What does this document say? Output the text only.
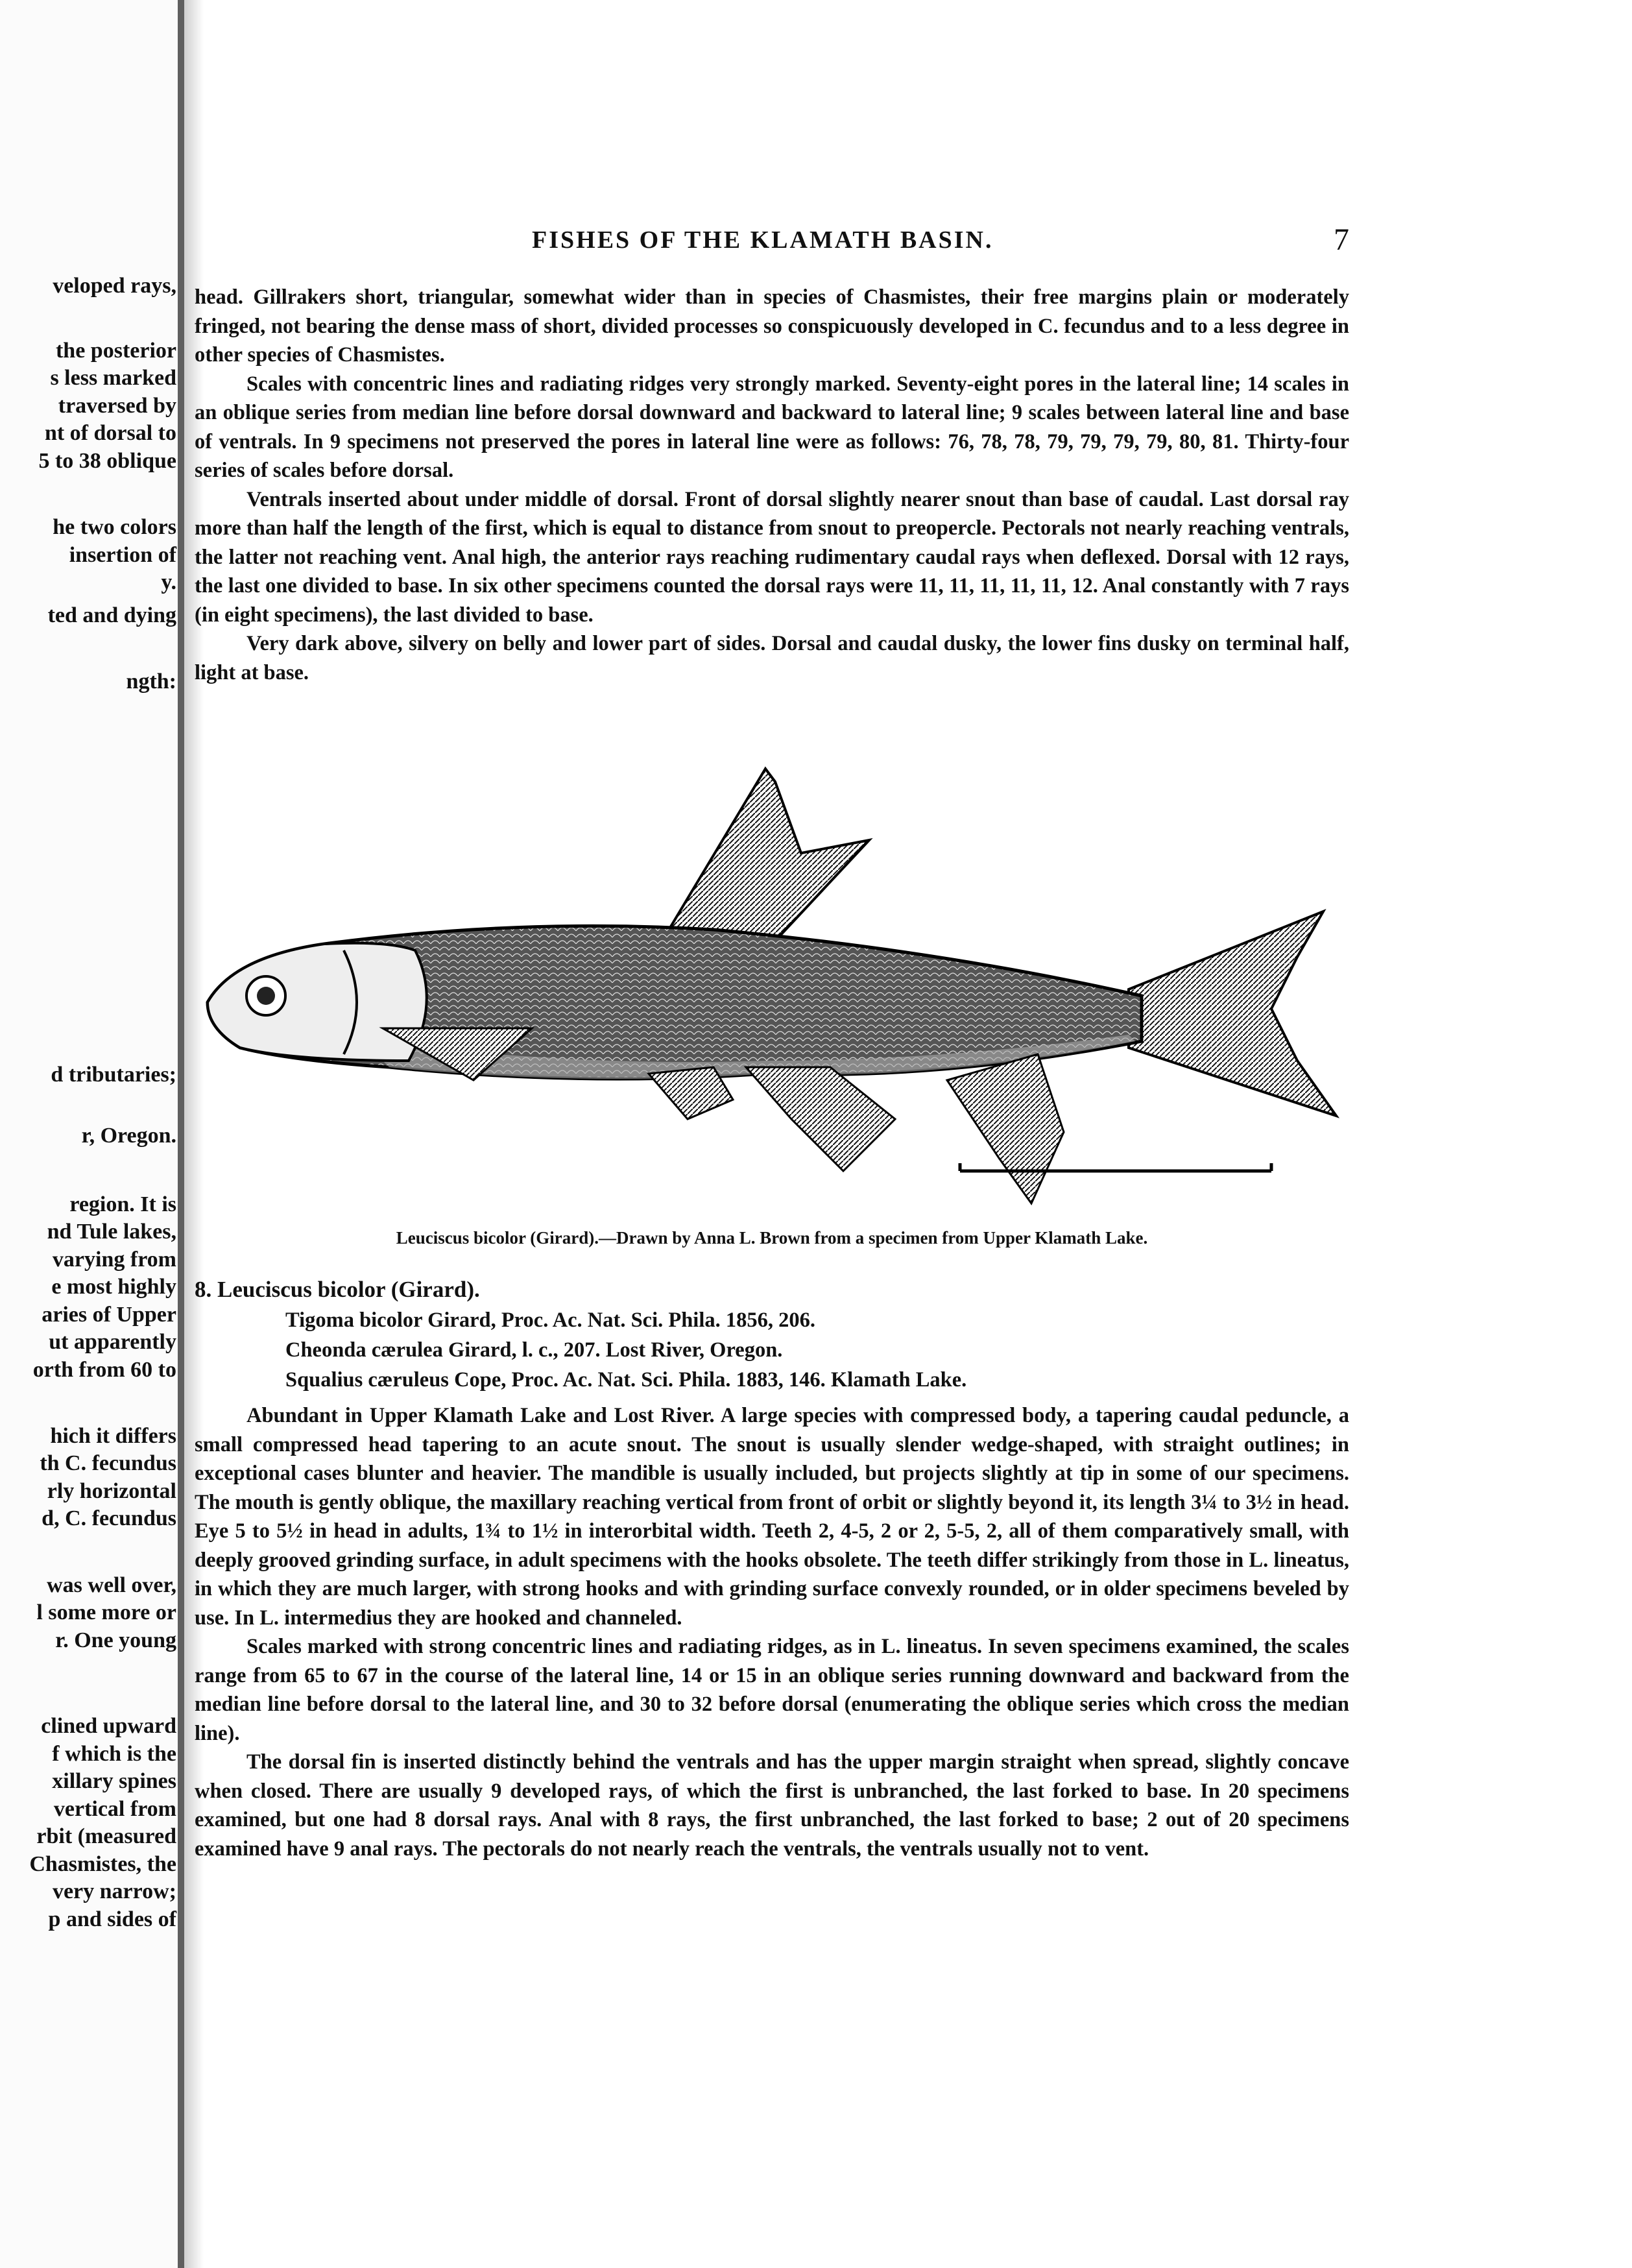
veloped rays,
the posterior
s less marked
traversed by
nt of dorsal to
5 to 38 oblique
he two colors
insertion of
y.
ted and dying
ngth:
d tributaries;
r, Oregon.
region. It is
nd Tule lakes,
varying from
e most highly
aries of Upper
ut apparently
orth from 60 to
hich it differs
th C. fecundus
rly horizontal
d, C. fecundus
was well over,
l some more or
r. One young
clined upward
f which is the
xillary spines
vertical from
rbit (measured
Chasmistes, the
very narrow;
p and sides of
FISHES OF THE KLAMATH BASIN.	7

head. Gillrakers short, triangular, somewhat wider than in species of Chasmistes, their free margins plain or moderately fringed, not bearing the dense mass of short, divided processes so conspicuously developed in C. fecundus and to a less degree in other species of Chasmistes.

Scales with concentric lines and radiating ridges very strongly marked. Seventy-eight pores in the lateral line; 14 scales in an oblique series from median line before dorsal downward and backward to lateral line; 9 scales between lateral line and base of ventrals. In 9 specimens not preserved the pores in lateral line were as follows: 76, 78, 78, 79, 79, 79, 79, 80, 81. Thirty-four series of scales before dorsal.

Ventrals inserted about under middle of dorsal. Front of dorsal slightly nearer snout than base of caudal. Last dorsal ray more than half the length of the first, which is equal to distance from snout to preopercle. Pectorals not nearly reaching ventrals, the latter not reaching vent. Anal high, the anterior rays reaching rudimentary caudal rays when deflexed. Dorsal with 12 rays, the last one divided to base. In six other specimens counted the dorsal rays were 11, 11, 11, 11, 11, 12. Anal constantly with 7 rays (in eight specimens), the last divided to base.

Very dark above, silvery on belly and lower part of sides. Dorsal and caudal dusky, the lower fins dusky on terminal half, light at base.

Leuciscus bicolor (Girard).—Drawn by Anna L. Brown from a specimen from Upper Klamath Lake.
8. Leuciscus bicolor (Girard).
Tigoma bicolor Girard, Proc. Ac. Nat. Sci. Phila. 1856, 206.
Cheonda cærulea Girard, l. c., 207. Lost River, Oregon.
Squalius cæruleus Cope, Proc. Ac. Nat. Sci. Phila. 1883, 146. Klamath Lake.

Abundant in Upper Klamath Lake and Lost River. A large species with compressed body, a tapering caudal peduncle, a small compressed head tapering to an acute snout. The snout is usually slender wedge-shaped, with straight outlines; in exceptional cases blunter and heavier. The mandible is usually included, but projects slightly at tip in some of our specimens. The mouth is gently oblique, the maxillary reaching vertical from front of orbit or slightly beyond it, its length 3¼ to 3½ in head. Eye 5 to 5½ in head in adults, 1¾ to 1½ in interorbital width. Teeth 2, 4-5, 2 or 2, 5-5, 2, all of them comparatively small, with deeply grooved grinding surface, in adult specimens with the hooks obsolete. The teeth differ strikingly from those in L. lineatus, in which they are much larger, with strong hooks and with grinding surface convexly rounded, or in older specimens beveled by use. In L. intermedius they are hooked and channeled.

Scales marked with strong concentric lines and radiating ridges, as in L. lineatus. In seven specimens examined, the scales range from 65 to 67 in the course of the lateral line, 14 or 15 in an oblique series running downward and backward from the median line before dorsal to the lateral line, and 30 to 32 before dorsal (enumerating the oblique series which cross the median line).

The dorsal fin is inserted distinctly behind the ventrals and has the upper margin straight when spread, slightly concave when closed. There are usually 9 developed rays, of which the first is unbranched, the last forked to base. In 20 specimens examined, but one had 8 dorsal rays. Anal with 8 rays, the first unbranched, the last forked to base; 2 out of 20 specimens examined have 9 anal rays. The pectorals do not nearly reach the ventrals, the ventrals usually not to vent.
